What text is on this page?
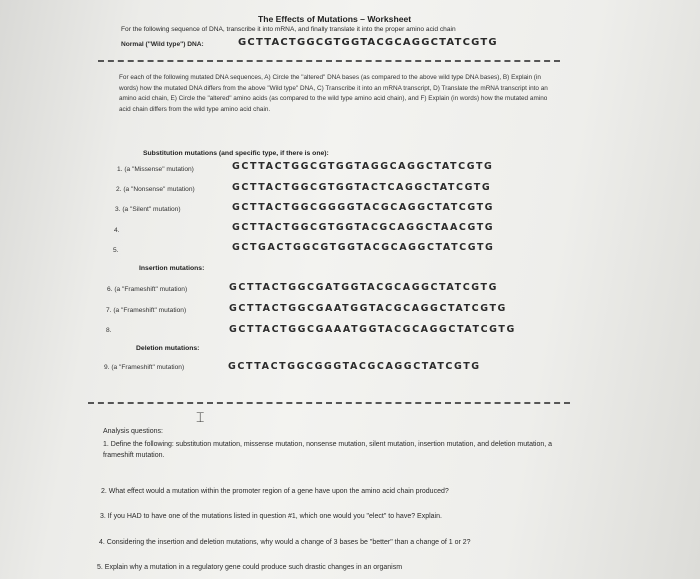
The Effects of Mutations – Worksheet
For the following sequence of DNA, transcribe it into mRNA, and finally translate it into the proper amino acid chain
Normal ("Wild type") DNA:	GCTTACTGGCGTGGTACGCAGGCTATCGTG
For each of the following mutated DNA sequences, A) Circle the "altered" DNA bases (as compared to the above wild type DNA bases), B) Explain (in words) how the mutated DNA differs from the above "Wild type" DNA, C) Transcribe it into an mRNA transcript, D) Translate the mRNA transcript into an amino acid chain, E) Circle the "altered" amino acids (as compared to the wild type amino acid chain), and F) Explain (in words) how the mutated amino acid chain differs from the wild type amino acid chain.
Substitution mutations (and specific type, if there is one):
1. (a "Missense" mutation)	GCTTACTGGCGTGGTAGGCAGGCTATCGTG
2. (a "Nonsense" mutation)	GCTTACTGGCGTGGTACTCAGGCTATCGTG
3. (a "Silent" mutation)	GCTTACTGGCGGGGTACGCAGGCTATCGTG
4.	GCTTACTGGCGTGGTACGCAGGCTAACGTG
5.	GCTGACTGGCGTGGTACGCAGGCTATCGTG
Insertion mutations:
6. (a "Frameshift" mutation)	GCTTACTGGCGATGGTACGCAGGCTATCGTG
7. (a "Frameshift" mutation)	GCTTACTGGCGAATGGTACGCAGGCTATCGTG
8.	GCTTACTGGCGAAATGGTACGCAGGCTATCGTG
Deletion mutations:
9. (a "Frameshift" mutation)	GCTTACTGGCGGGTACGCAGGCTATCGTG
⌶
Analysis questions:
1. Define the following: substitution mutation, missense mutation, nonsense mutation, silent mutation, insertion mutation, and deletion mutation, a frameshift mutation.
2. What effect would a mutation within the promoter region of a gene have upon the amino acid chain produced?
3. If you HAD to have one of the mutations listed in question #1, which one would you "elect" to have? Explain.
4. Considering the insertion and deletion mutations, why would a change of 3 bases be "better" than a change of 1 or 2?
5. Explain why a mutation in a regulatory gene could produce such drastic changes in an organism
